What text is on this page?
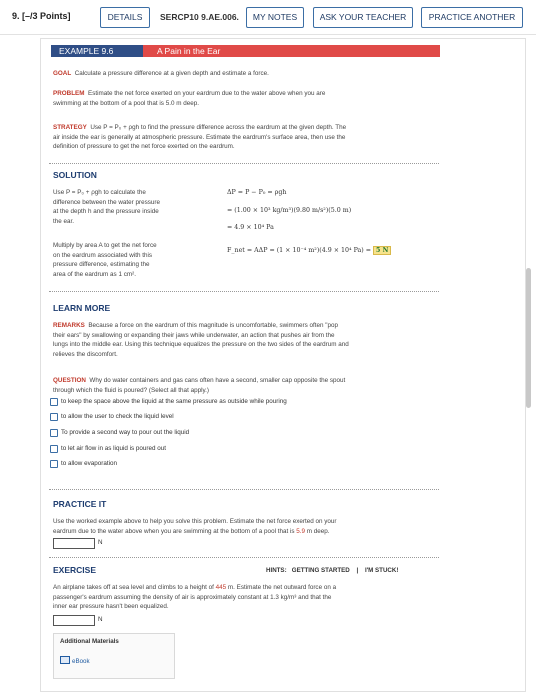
9. [–/3 Points]	DETAILS	SERCP10 9.AE.006.	MY NOTES	ASK YOUR TEACHER	PRACTICE ANOTHER
EXAMPLE 9.6	A Pain in the Ear
GOAL Calculate a pressure difference at a given depth and estimate a force.
PROBLEM Estimate the net force exerted on your eardrum due to the water above when you are
swimming at the bottom of a pool that is 5.0 m deep.
STRATEGY Use P = P₀ + ρgh to find the pressure difference across the eardrum at the given depth. The
air inside the ear is generally at atmospheric pressure. Estimate the eardrum's surface area, then use the
definition of pressure to get the net force exerted on the eardrum.
SOLUTION
Use P = P₀ + ρgh to calculate the
difference between the water pressure
at the depth h and the pressure inside
the ear.
ΔP = P − P₀ = ρgh
= (1.00 × 10³ kg/m³)(9.80 m/s²)(5.0 m)
= 4.9 × 10⁴ Pa
Multiply by area A to get the net force
on the eardrum associated with this
pressure difference, estimating the
area of the eardrum as 1 cm².
F_net = AΔP = (1 × 10⁻⁴ m²)(4.9 × 10⁴ Pa) = 5 N
LEARN MORE
REMARKS Because a force on the eardrum of this magnitude is uncomfortable, swimmers often "pop
their ears" by swallowing or expanding their jaws while underwater, an action that pushes air from the
lungs into the middle ear. Using this technique equalizes the pressure on the two sides of the eardrum and
relieves the discomfort.
QUESTION Why do water containers and gas cans often have a second, smaller cap opposite the spout
through which the fluid is poured? (Select all that apply.)
to keep the space above the liquid at the same pressure as outside while pouring
to allow the user to check the liquid level
To provide a second way to pour out the liquid
to let air flow in as liquid is poured out
to allow evaporation
PRACTICE IT
Use the worked example above to help you solve this problem. Estimate the net force exerted on your
eardrum due to the water above when you are swimming at the bottom of a pool that is 5.9 m deep.
N
EXERCISE	HINTS: GETTING STARTED | I'M STUCK!
An airplane takes off at sea level and climbs to a height of 445 m. Estimate the net outward force on a
passenger's eardrum assuming the density of air is approximately constant at 1.3 kg/m³ and that the
inner ear pressure hasn't been equalized.
N
Additional Materials
eBook
